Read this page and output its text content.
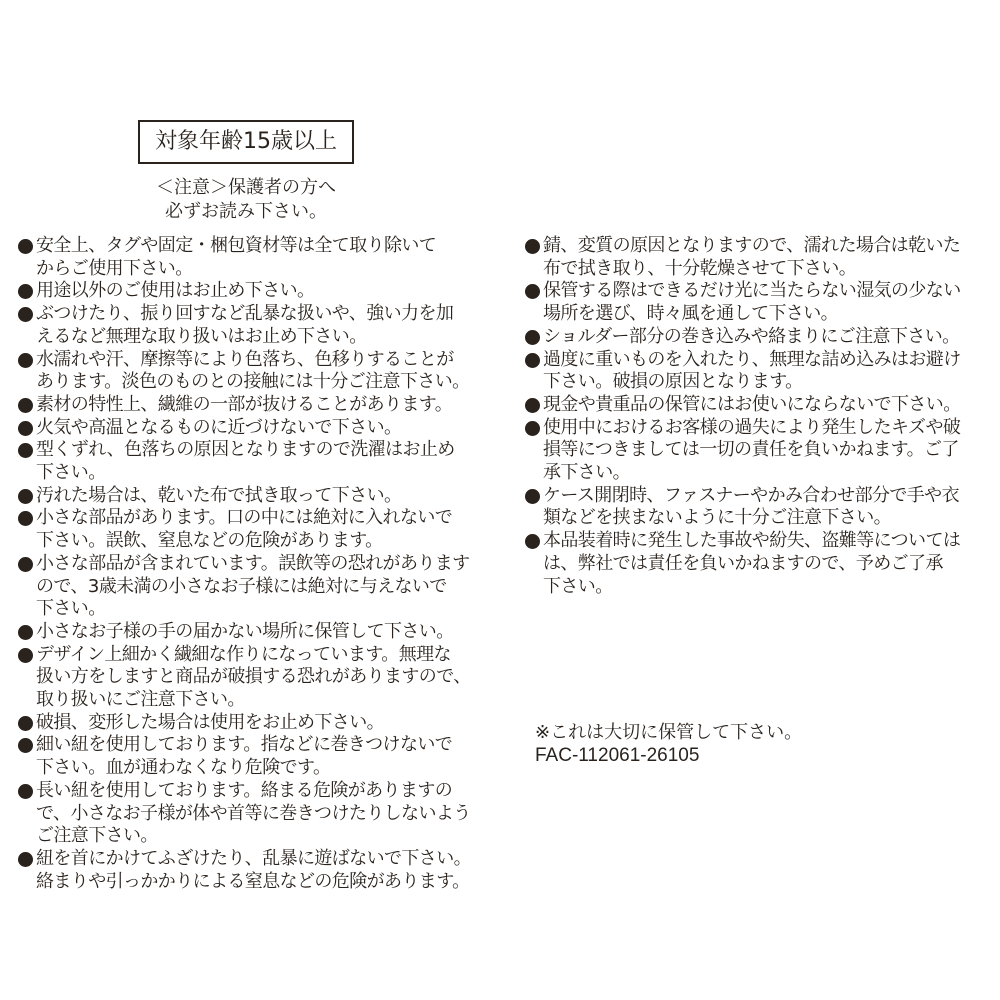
対象年齢15歳以上
＜注意＞保護者の方へ
必ずお読み下さい。
安全上、タグや固定・梱包資材等は全て取り除いて
からご使用下さい。
用途以外のご使用はお止め下さい。
ぶつけたり、振り回すなど乱暴な扱いや、強い力を加
えるなど無理な取り扱いはお止め下さい。
水濡れや汗、摩擦等により色落ち、色移りすることが
あります。淡色のものとの接触には十分ご注意下さい。
素材の特性上、繊維の一部が抜けることがあります。
火気や高温となるものに近づけないで下さい。
型くずれ、色落ちの原因となりますので洗濯はお止め
下さい。
汚れた場合は、乾いた布で拭き取って下さい。
小さな部品があります。口の中には絶対に入れないで
下さい。誤飲、窒息などの危険があります。
小さな部品が含まれています。誤飲等の恐れがあります
ので、3歳未満の小さなお子様には絶対に与えないで
下さい。
小さなお子様の手の届かない場所に保管して下さい。
デザイン上細かく繊細な作りになっています。無理な
扱い方をしますと商品が破損する恐れがありますので、
取り扱いにご注意下さい。
破損、変形した場合は使用をお止め下さい。
細い紐を使用しております。指などに巻きつけないで
下さい。血が通わなくなり危険です。
長い紐を使用しております。絡まる危険がありますの
で、小さなお子様が体や首等に巻きつけたりしないよう
ご注意下さい。
紐を首にかけてふざけたり、乱暴に遊ばないで下さい。
絡まりや引っかかりによる窒息などの危険があります。
錆、変質の原因となりますので、濡れた場合は乾いた
布で拭き取り、十分乾燥させて下さい。
保管する際はできるだけ光に当たらない湿気の少ない
場所を選び、時々風を通して下さい。
ショルダー部分の巻き込みや絡まりにご注意下さい。
過度に重いものを入れたり、無理な詰め込みはお避け
下さい。破損の原因となります。
現金や貴重品の保管にはお使いにならないで下さい。
使用中におけるお客様の過失により発生したキズや破
損等につきましては一切の責任を負いかねます。ご了
承下さい。
ケース開閉時、ファスナーやかみ合わせ部分で手や衣
類などを挟まないように十分ご注意下さい。
本品装着時に発生した事故や紛失、盗難等については
は、弊社では責任を負いかねますので、予めご了承
下さい。
※これは大切に保管して下さい。
FAC-112061-26105
